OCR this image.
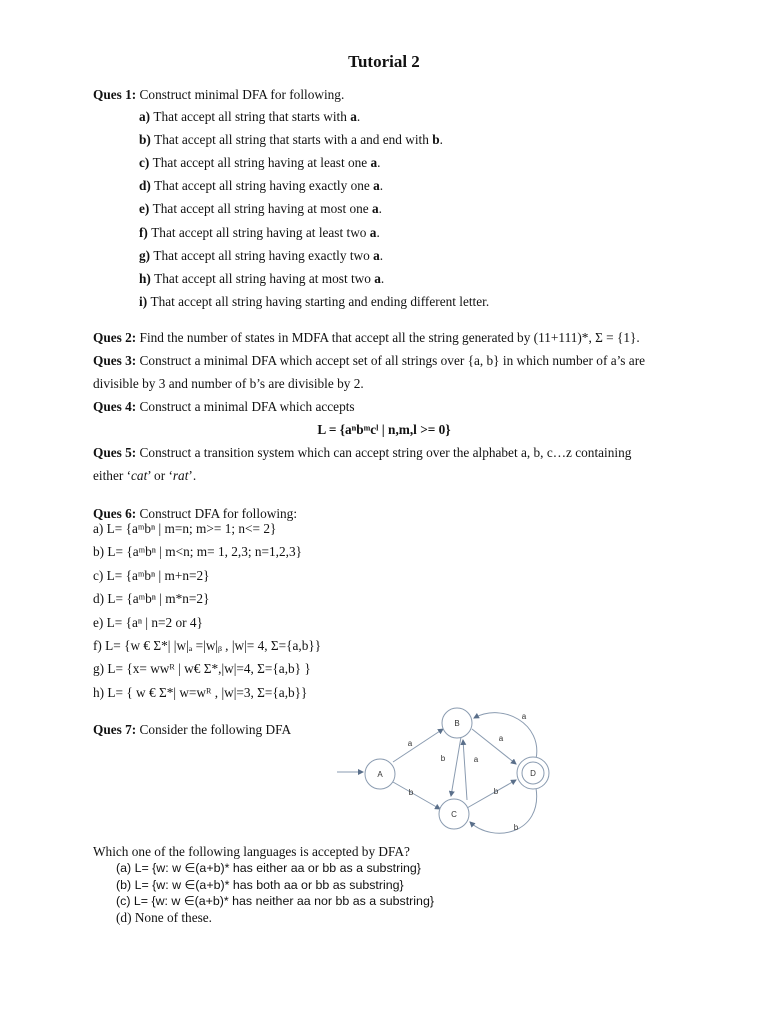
Tutorial 2
Ques 1: Construct minimal DFA for following.
a) That accept all string that starts with a.
b) That accept all string that starts with a and end with b.
c) That accept all string having at least one a.
d) That accept all string having exactly one a.
e) That accept all string having at most one a.
f) That accept all string having at least two a.
g) That accept all string having exactly two a.
h) That accept all string having at most two a.
i) That accept all string having starting and ending different letter.
Ques 2: Find the number of states in MDFA that accept all the string generated by (11+111)*, Σ = {1}.
Ques 3: Construct a minimal DFA which accept set of all strings over {a, b} in which number of a’s are
divisible by 3 and number of b’s are divisible by 2.
Ques 4: Construct a minimal DFA which accepts
L = {aⁿbᵐcˡ | n,m,l >= 0}
Ques 5: Construct a transition system which can accept string over the alphabet a, b, c…z containing
either ‘cat’ or ‘rat’.
Ques 6: Construct DFA for following:
a) L= {aᵐbⁿ | m=n; m>= 1; n<= 2}
b) L= {aᵐbⁿ | m<n; m= 1, 2,3; n=1,2,3}
c) L= {aᵐbⁿ | m+n=2}
d) L= {aᵐbⁿ | m*n=2}
e) L= {aⁿ | n=2 or 4}
f) L= {w € Σ*| |w|ₐ =|w|ᵦ , |w|= 4, Σ={a,b}}
g) L= {x= wwᴿ | w€ Σ*,|w|=4, Σ={a,b} }
h) L= { w € Σ*| w=wᴿ , |w|=3, Σ={a,b}}
Ques 7: Consider the following DFA
A
B
C
D
a
b
b	a
a
b
a
b
Which one of the following languages is accepted by DFA?
(a) L= {w: w ∈(a+b)* has either aa or bb as a substring}
(b) L= {w: w ∈(a+b)* has both aa or bb as substring}
(c) L= {w: w ∈(a+b)* has neither aa nor bb as a substring}
(d) None of these.
